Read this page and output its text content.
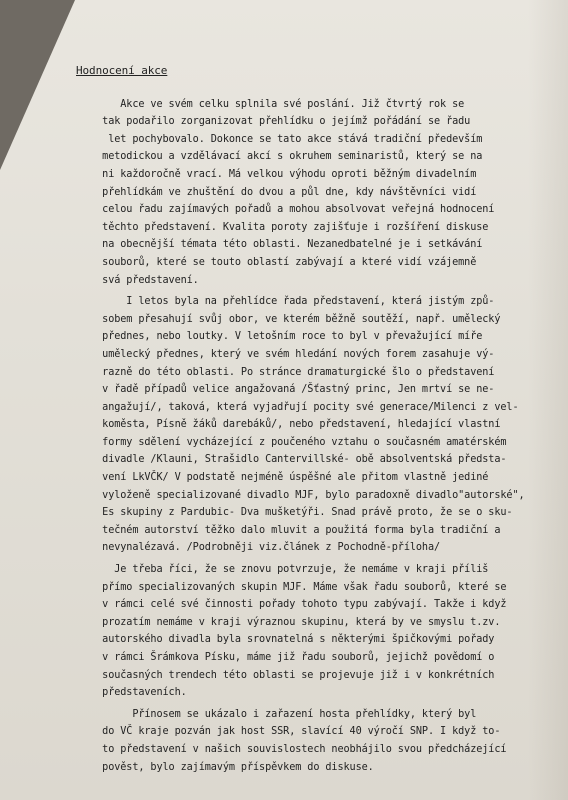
Hodnocení akce
Akce ve svém celku splnila své poslání. Již čtvrtý rok se
tak podařilo zorganizovat přehlídku o jejímž pořádání se řadu
let pochybovalo. Dokonce se tato akce stává tradiční především
metodickou a vzdělávací akcí s okruhem seminaristů, který se na
ni každoročně vrací. Má velkou výhodu oproti běžným divadelním
přehlídkám ve zhuštění do dvou a půl dne, kdy návštěvníci vidí
celou řadu zajímavých pořadů a mohou absolvovat veřejná hodnocení
těchto představení. Kvalita poroty zajišťuje i rozšíření diskuse
na obecnější témata této oblasti. Nezanedbatelné je i setkávání
souborů, které se touto oblastí zabývají a které vidí vzájemně
svá představení.
I letos byla na přehlídce řada představení, která jistým způ-
sobem přesahují svůj obor, ve kterém běžně soutěží, např. umělecký
přednes, nebo loutky. V letošním roce to byl v převažující míře
umělecký přednes, který ve svém hledání nových forem zasahuje vý-
razně do této oblasti. Po stránce dramaturgické šlo o představení
v řadě případů velice angažovaná /Šťastný princ, Jen mrtví se ne-
angažují/, taková, která vyjadřují pocity své generace/Milenci z vel-
koměsta, Písně žáků darebáků/, nebo představení, hledající vlastní
formy sdělení vycházející z poučeného vztahu o současném amatérském
divadle /Klauni, Strašidlo Cantervillské- obě absolventská předsta-
vení LkVČK/ V podstatě nejméně úspěšné ale přitom vlastně jediné
vyloženě specializované divadlo MJF, bylo paradoxně divadlo"autorské",
Es skupiny z Pardubic- Dva mušketýři. Snad právě proto, že se o sku-
tečném autorství těžko dalo mluvit a použitá forma byla tradiční a
nevynalézavá. /Podrobněji viz.článek z Pochodně-příloha/
Je třeba říci, že se znovu potvrzuje, že nemáme v kraji příliš
přímo specializovaných skupin MJF. Máme však řadu souborů, které se
v rámci celé své činnosti pořady tohoto typu zabývají. Takže i když
prozatím nemáme v kraji výraznou skupinu, která by ve smyslu t.zv.
autorského divadla byla srovnatelná s některými špičkovými pořady
v rámci Šrámkova Písku, máme již řadu souborů, jejichž povědomí o
současných trendech této oblasti se projevuje již i v konkrétních
představeních.
Přínosem se ukázalo i zařazení hosta přehlídky, který byl
do VČ kraje pozván jak host SSR, slavící 40 výročí SNP. I když to-
to představení v našich souvislostech neobhájilo svou předcházející
pověst, bylo zajímavým příspěvkem do diskuse.
